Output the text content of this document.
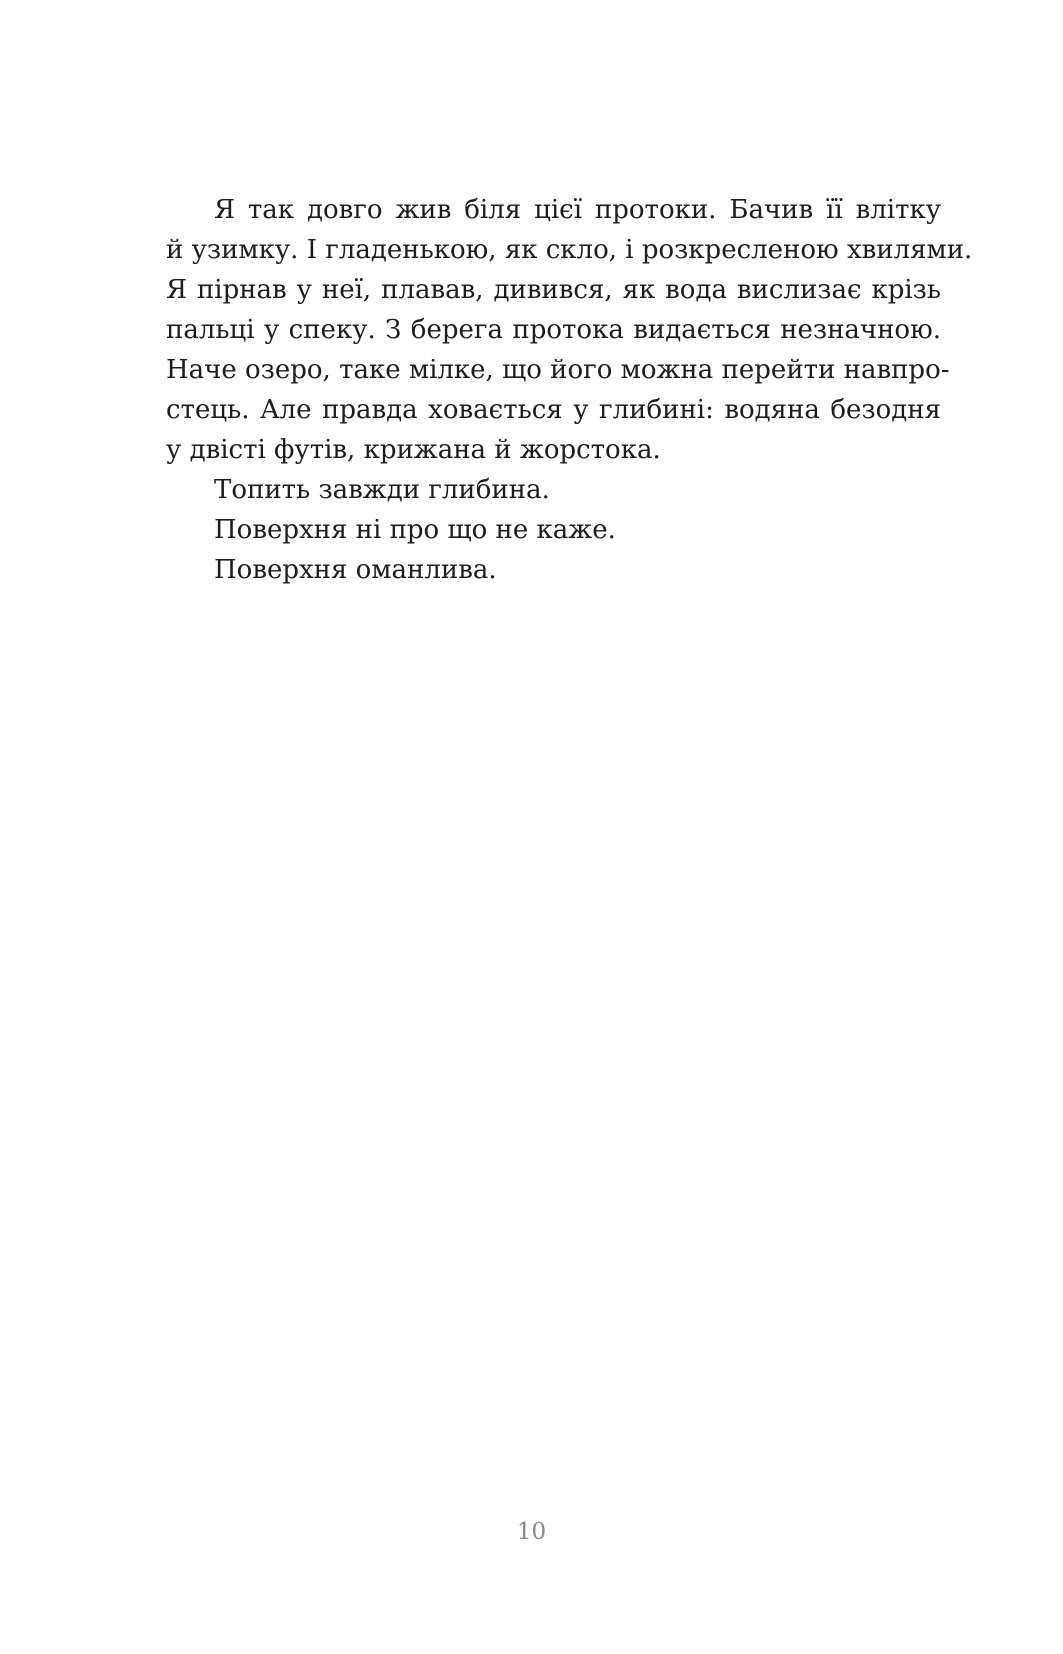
Я так довго жив біля цієї протоки. Бачив її влітку
й узимку. І гладенькою, як скло, і розкресленою хвилями.
Я пірнав у неї, плавав, дивився, як вода вислизає крізь
пальці у спеку. З берега протока видається незначною.
Наче озеро, таке мілке, що його можна перейти навпро-
стець. Але правда ховається у глибині: водяна безодня
у двісті футів, крижана й жорстока.
Топить завжди глибина.
Поверхня ні про що не каже.
Поверхня оманлива.
10
